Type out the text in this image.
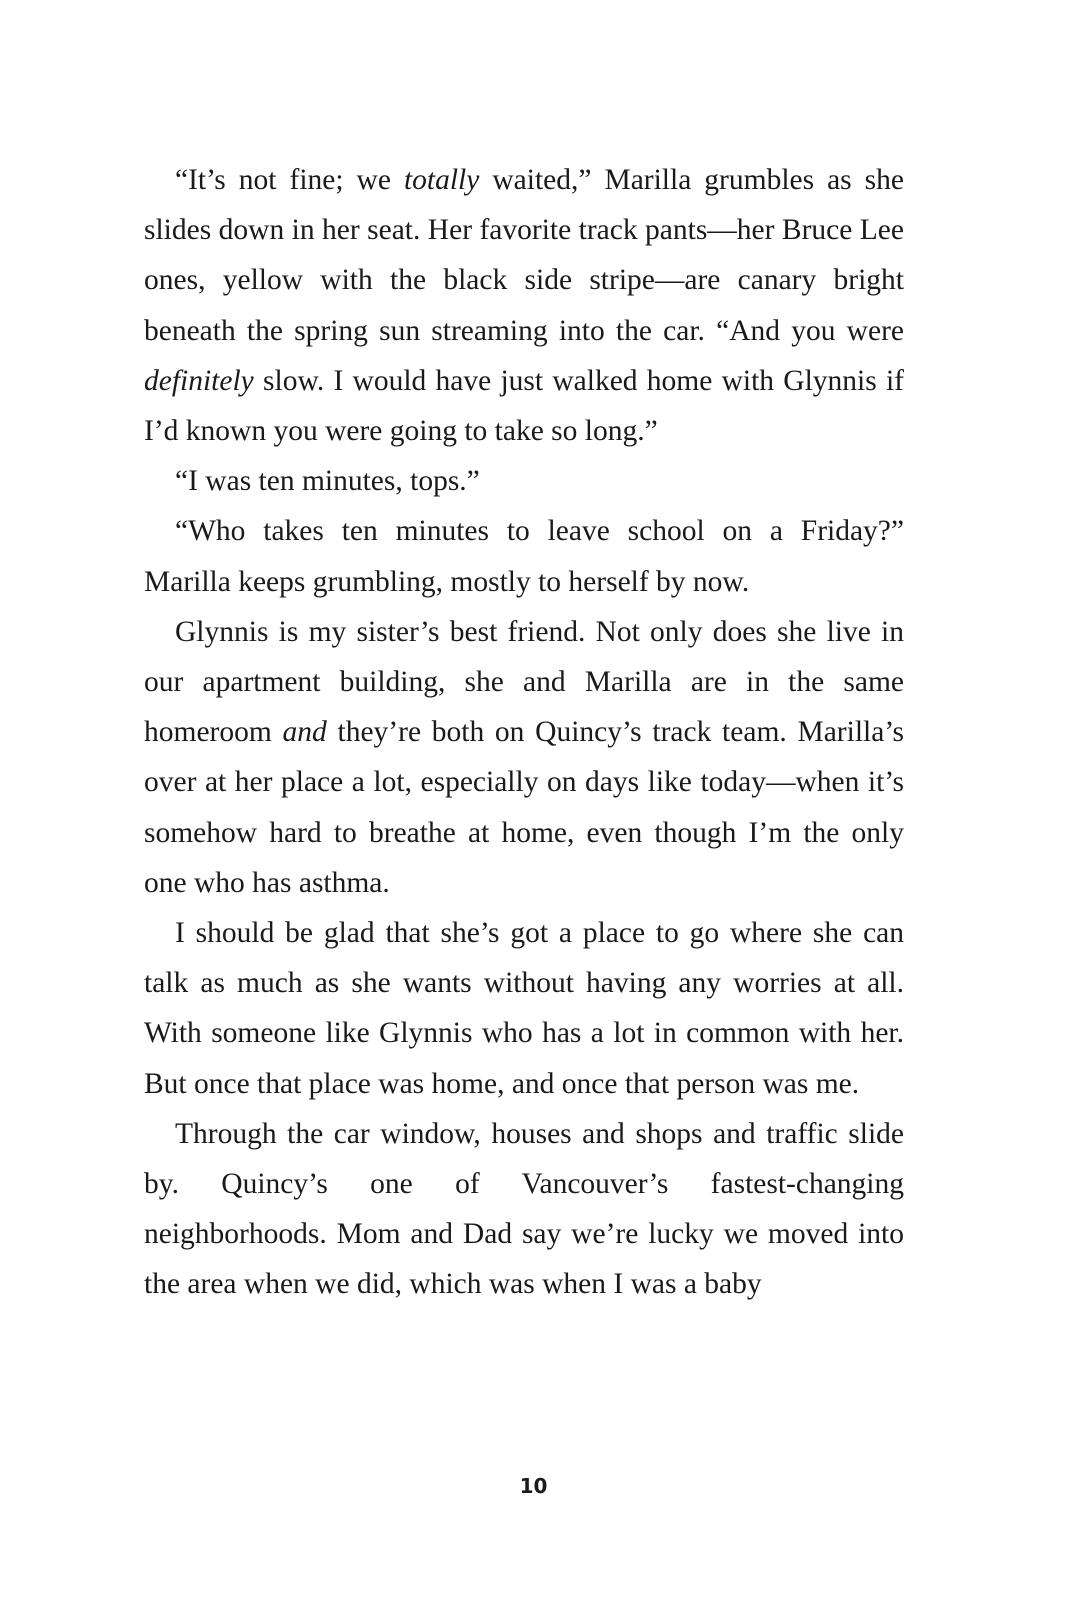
“It’s not fine; we totally waited,” Marilla grumbles as she slides down in her seat. Her favorite track pants—her Bruce Lee ones, yellow with the black side stripe—are canary bright beneath the spring sun streaming into the car. “And you were definitely slow. I would have just walked home with Glynnis if I’d known you were going to take so long.”

“I was ten minutes, tops.”

“Who takes ten minutes to leave school on a Friday?” Marilla keeps grumbling, mostly to herself by now.

Glynnis is my sister’s best friend. Not only does she live in our apartment building, she and Marilla are in the same homeroom and they’re both on Quincy’s track team. Marilla’s over at her place a lot, especially on days like today—when it’s somehow hard to breathe at home, even though I’m the only one who has asthma.

I should be glad that she’s got a place to go where she can talk as much as she wants without having any worries at all. With someone like Glynnis who has a lot in common with her. But once that place was home, and once that person was me.

Through the car window, houses and shops and traffic slide by. Quincy’s one of Vancouver’s fastest-changing neighborhoods. Mom and Dad say we’re lucky we moved into the area when we did, which was when I was a baby

10
